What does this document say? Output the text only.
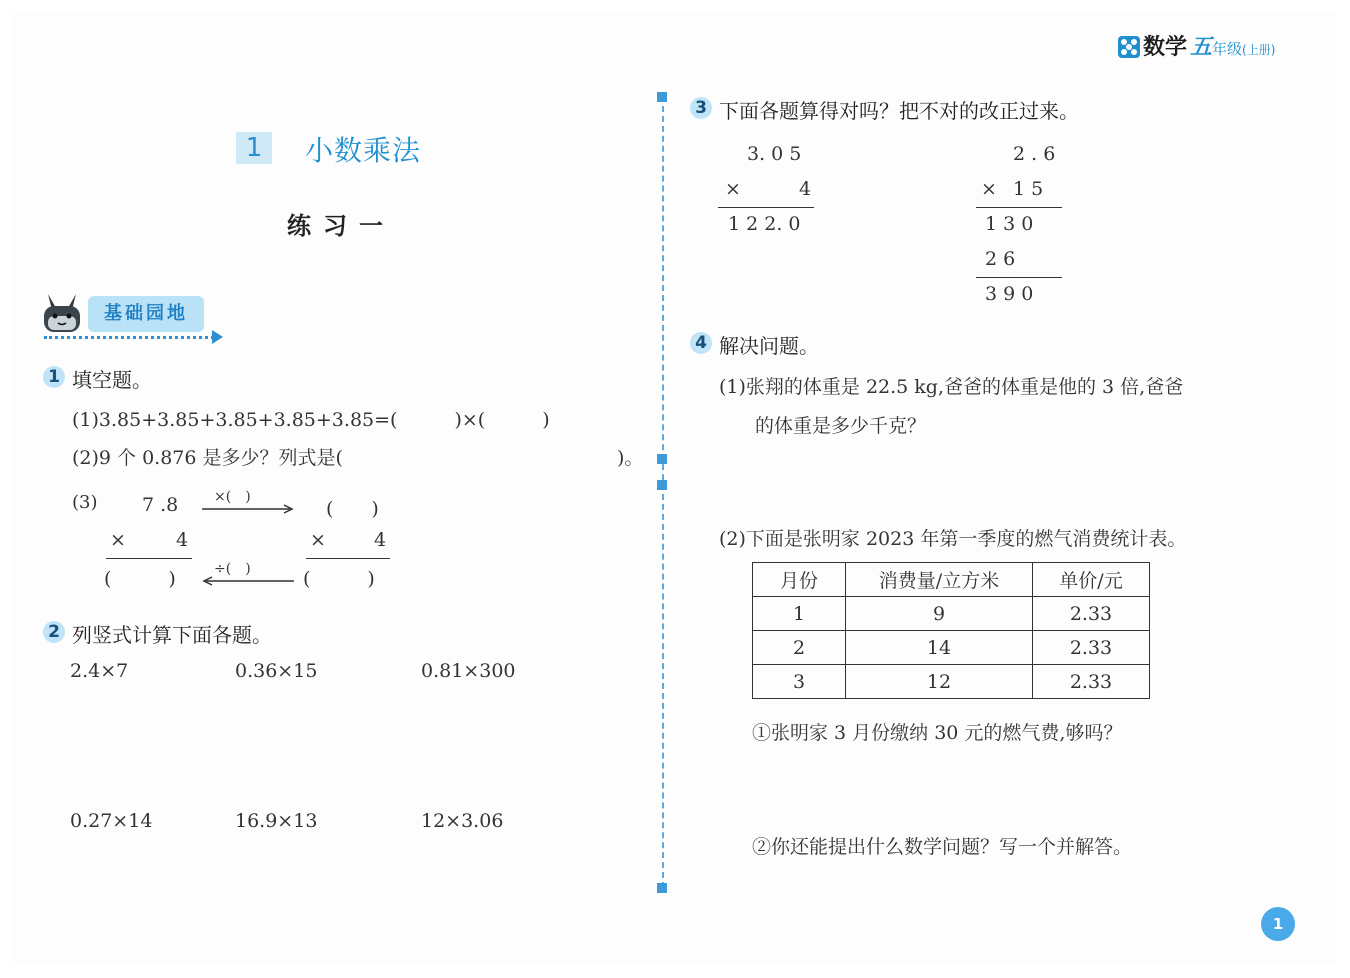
数学 五 年级 (上册)
1	小数乘法
练习一
基础园地
1 填空题。
(1)3.85+3.85+3.85+3.85+3.85=(　　　)×(　　　)
(2)9 个 0.876 是多少？列式是(	)。
(3) 7 .8	×(　)
(　　)
×	4	×	4
(　　　)	÷(　)	(　　　)
2 列竖式计算下面各题。
2.4×7	0.36×15	0.81×300
0.27×14	16.9×13	12×3.06
3 下面各题算得对吗？把不对的改正过来。
3. 0 5
×	4
1 2 2. 0
2 . 6
× 1 5
1 3 0
2 6
3 9 0
4 解决问题。
(1)张翔的体重是 22.5 kg,爸爸的体重是他的 3 倍,爸爸
的体重是多少千克？
(2)下面是张明家 2023 年第一季度的燃气消费统计表。
月份	消费量/立方米	单价/元
1	9	2.33
2	14	2.33
3	12	2.33
①张明家 3 月份缴纳 30 元的燃气费,够吗？
②你还能提出什么数学问题？写一个并解答。
1
